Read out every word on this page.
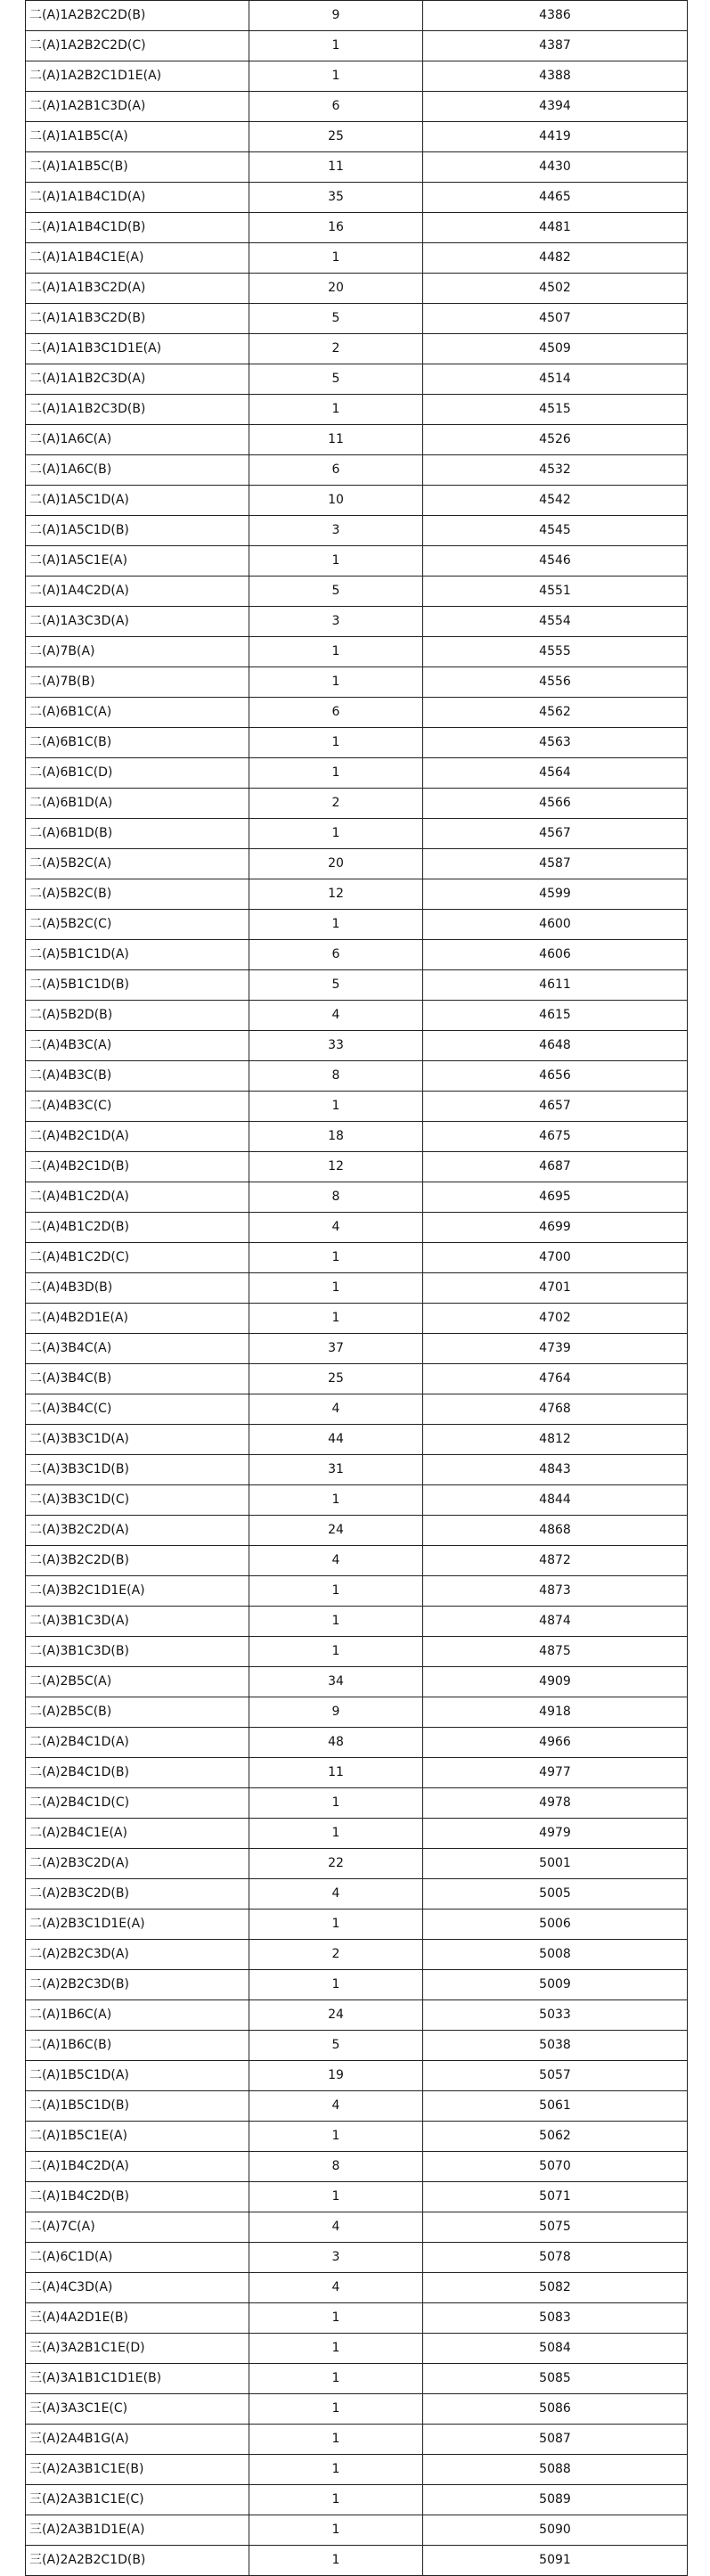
二(A)1A2B2C2D(B)	9	4386
二(A)1A2B2C2D(C)	1	4387
二(A)1A2B2C1D1E(A)	1	4388
二(A)1A2B1C3D(A)	6	4394
二(A)1A1B5C(A)	25	4419
二(A)1A1B5C(B)	11	4430
二(A)1A1B4C1D(A)	35	4465
二(A)1A1B4C1D(B)	16	4481
二(A)1A1B4C1E(A)	1	4482
二(A)1A1B3C2D(A)	20	4502
二(A)1A1B3C2D(B)	5	4507
二(A)1A1B3C1D1E(A)	2	4509
二(A)1A1B2C3D(A)	5	4514
二(A)1A1B2C3D(B)	1	4515
二(A)1A6C(A)	11	4526
二(A)1A6C(B)	6	4532
二(A)1A5C1D(A)	10	4542
二(A)1A5C1D(B)	3	4545
二(A)1A5C1E(A)	1	4546
二(A)1A4C2D(A)	5	4551
二(A)1A3C3D(A)	3	4554
二(A)7B(A)	1	4555
二(A)7B(B)	1	4556
二(A)6B1C(A)	6	4562
二(A)6B1C(B)	1	4563
二(A)6B1C(D)	1	4564
二(A)6B1D(A)	2	4566
二(A)6B1D(B)	1	4567
二(A)5B2C(A)	20	4587
二(A)5B2C(B)	12	4599
二(A)5B2C(C)	1	4600
二(A)5B1C1D(A)	6	4606
二(A)5B1C1D(B)	5	4611
二(A)5B2D(B)	4	4615
二(A)4B3C(A)	33	4648
二(A)4B3C(B)	8	4656
二(A)4B3C(C)	1	4657
二(A)4B2C1D(A)	18	4675
二(A)4B2C1D(B)	12	4687
二(A)4B1C2D(A)	8	4695
二(A)4B1C2D(B)	4	4699
二(A)4B1C2D(C)	1	4700
二(A)4B3D(B)	1	4701
二(A)4B2D1E(A)	1	4702
二(A)3B4C(A)	37	4739
二(A)3B4C(B)	25	4764
二(A)3B4C(C)	4	4768
二(A)3B3C1D(A)	44	4812
二(A)3B3C1D(B)	31	4843
二(A)3B3C1D(C)	1	4844
二(A)3B2C2D(A)	24	4868
二(A)3B2C2D(B)	4	4872
二(A)3B2C1D1E(A)	1	4873
二(A)3B1C3D(A)	1	4874
二(A)3B1C3D(B)	1	4875
二(A)2B5C(A)	34	4909
二(A)2B5C(B)	9	4918
二(A)2B4C1D(A)	48	4966
二(A)2B4C1D(B)	11	4977
二(A)2B4C1D(C)	1	4978
二(A)2B4C1E(A)	1	4979
二(A)2B3C2D(A)	22	5001
二(A)2B3C2D(B)	4	5005
二(A)2B3C1D1E(A)	1	5006
二(A)2B2C3D(A)	2	5008
二(A)2B2C3D(B)	1	5009
二(A)1B6C(A)	24	5033
二(A)1B6C(B)	5	5038
二(A)1B5C1D(A)	19	5057
二(A)1B5C1D(B)	4	5061
二(A)1B5C1E(A)	1	5062
二(A)1B4C2D(A)	8	5070
二(A)1B4C2D(B)	1	5071
二(A)7C(A)	4	5075
二(A)6C1D(A)	3	5078
二(A)4C3D(A)	4	5082
三(A)4A2D1E(B)	1	5083
三(A)3A2B1C1E(D)	1	5084
三(A)3A1B1C1D1E(B)	1	5085
三(A)3A3C1E(C)	1	5086
三(A)2A4B1G(A)	1	5087
三(A)2A3B1C1E(B)	1	5088
三(A)2A3B1C1E(C)	1	5089
三(A)2A3B1D1E(A)	1	5090
三(A)2A2B2C1D(B)	1	5091
